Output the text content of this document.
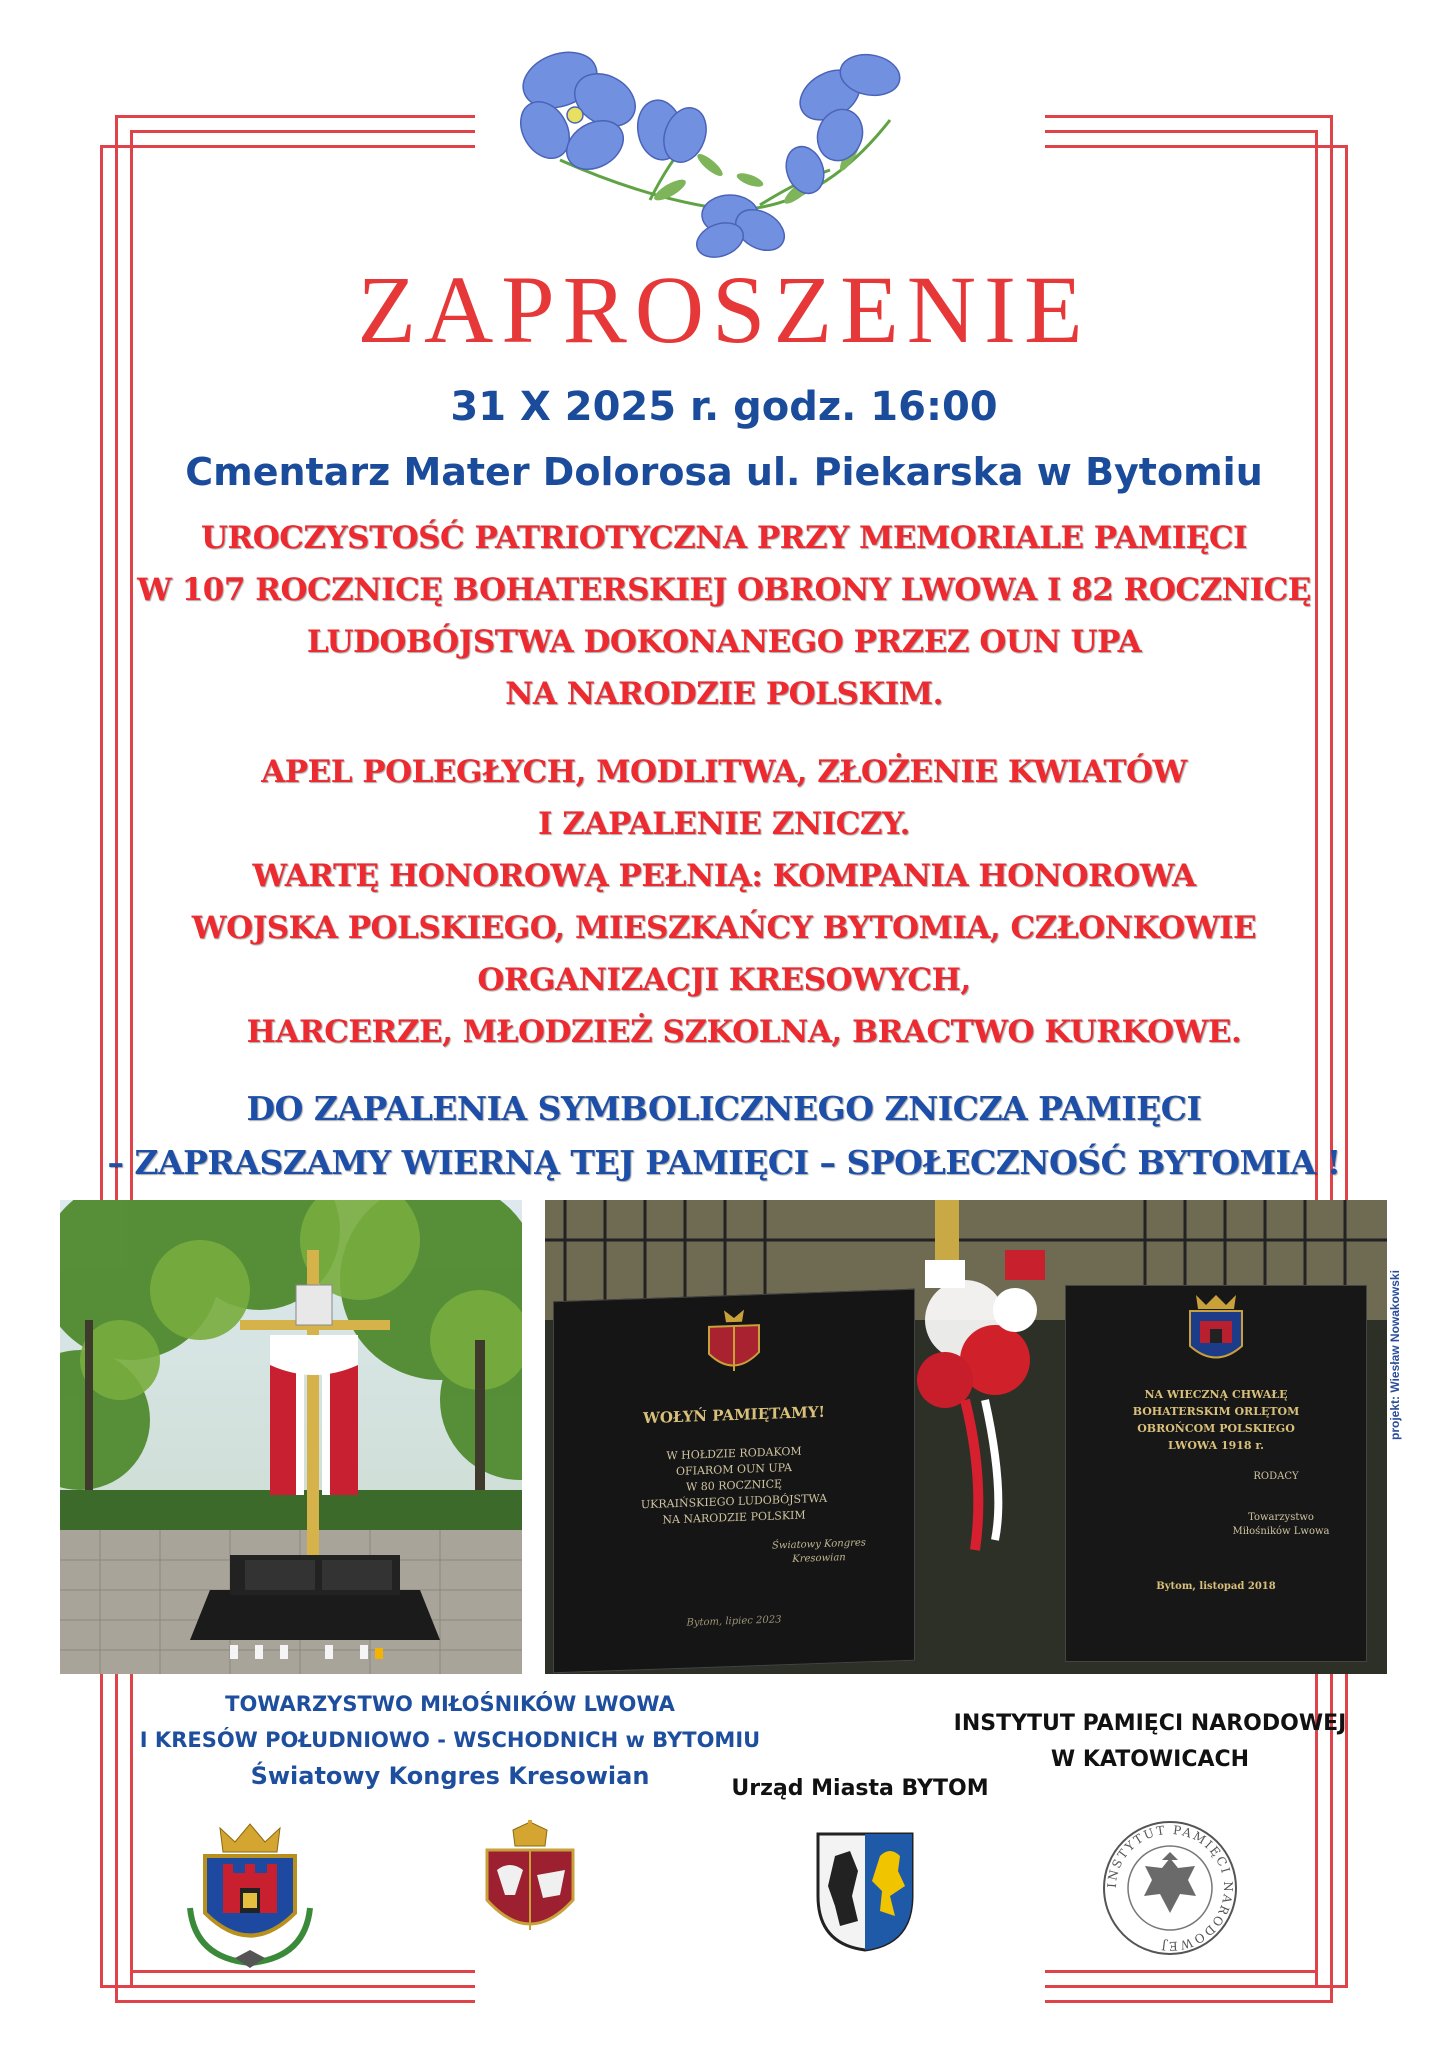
ZAPROSZENIE
31 X 2025 r. godz. 16:00
Cmentarz Mater Dolorosa ul. Piekarska w Bytomiu
UROCZYSTOŚĆ PATRIOTYCZNA PRZY MEMORIALE PAMIĘCI
W 107 ROCZNICĘ BOHATERSKIEJ OBRONY LWOWA I 82 ROCZNICĘ
LUDOBÓJSTWA DOKONANEGO PRZEZ OUN UPA
NA NARODZIE POLSKIM.
APEL POLEGŁYCH, MODLITWA, ZŁOŻENIE KWIATÓW
I ZAPALENIE ZNICZY.
WARTĘ HONOROWĄ PEŁNIĄ: KOMPANIA HONOROWA
WOJSKA POLSKIEGO, MIESZKAŃCY BYTOMIA, CZŁONKOWIE
ORGANIZACJI KRESOWYCH,
HARCERZE, MŁODZIEŻ SZKOLNA, BRACTWO KURKOWE.
DO ZAPALENIA SYMBOLICZNEGO ZNICZA PAMIĘCI
– ZAPRASZAMY WIERNĄ TEJ PAMIĘCI – SPOŁECZNOŚĆ BYTOMIA !
WOŁYŃ PAMIĘTAMY!
W HOŁDZIE RODAKOM
OFIAROM OUN UPA
W 80 ROCZNICĘ
UKRAIŃSKIEGO LUDOBÓJSTWA
NA NARODZIE POLSKIM
Światowy Kongres
Kresowian
Bytom, lipiec 2023
NA WIECZNĄ CHWAŁĘ
BOHATERSKIM ORLĘTOM
OBROŃCOM POLSKIEGO
LWOWA 1918 r.
RODACY
Towarzystwo
Miłośników Lwowa
Bytom, listopad 2018
projekt: Wiesław Nowakowski
TOWARZYSTWO MIŁOŚNIKÓW LWOWA
I KRESÓW POŁUDNIOWO - WSCHODNICH w BYTOMIU
Światowy Kongres Kresowian
INSTYTUT PAMIĘCI NARODOWEJ
W KATOWICACH
Urząd Miasta BYTOM
INSTYTUT PAMIĘCI NARODOWEJ
